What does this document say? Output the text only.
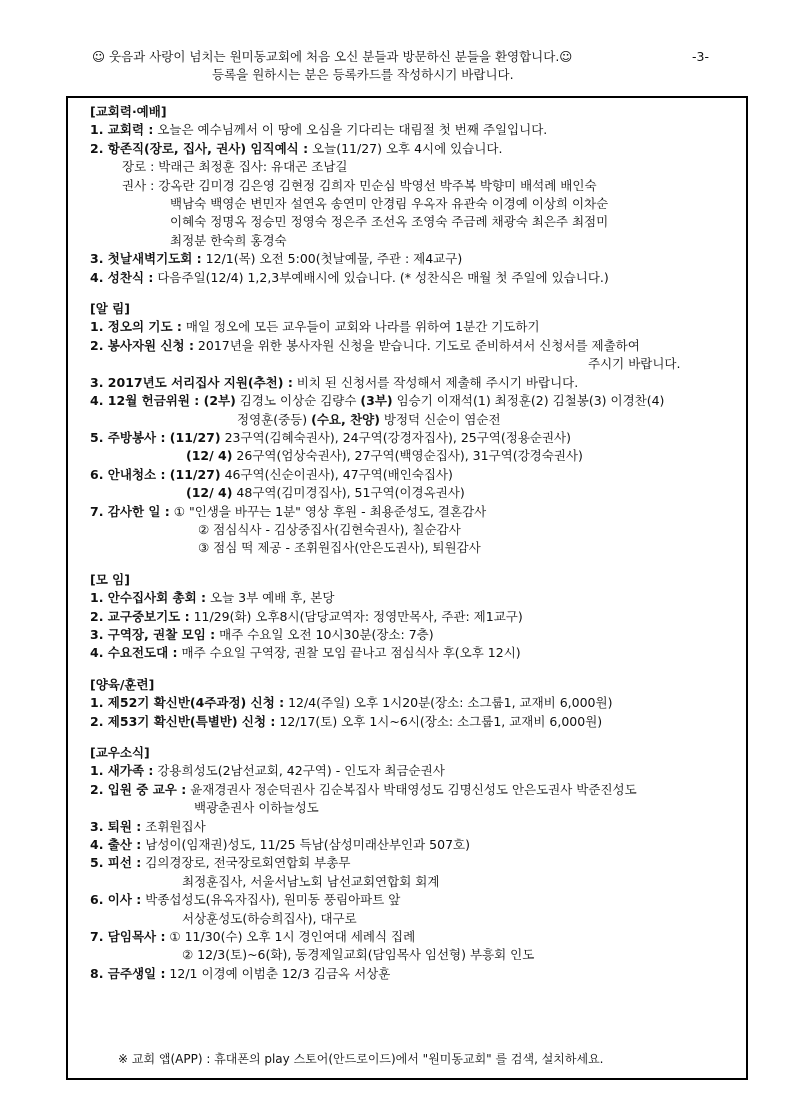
☺ 웃음과 사랑이 넘치는 원미동교회에 처음 오신 분들과 방문하신 분들을 환영합니다.☺	-3-
등록을 원하시는 분은 등록카드를 작성하시기 바랍니다.
[교회력·예배]
1. 교회력 : 오늘은 예수님께서 이 땅에 오심을 기다리는 대림절 첫 번째 주일입니다.
2. 항존직(장로, 집사, 권사) 임직예식 : 오늘(11/27) 오후 4시에 있습니다.
장로 : 박래근 최정훈 집사: 유대곤 조남길
권사 : 강옥란 김미경 김은영 김현정 김희자 민순심 박영선 박주복 박향미 배석례 배인숙
백남숙 백영순 변민자 설연옥 송연미 안경림 우옥자 유관숙 이경예 이상희 이차순
이혜숙 정명옥 정승민 정영숙 정은주 조선옥 조영숙 주금례 채광숙 최은주 최점미
최정분 한숙희 홍경숙
3. 첫날새벽기도회 : 12/1(목) 오전 5:00(첫날예물, 주관 : 제4교구)
4. 성찬식 : 다음주일(12/4) 1,2,3부예배시에 있습니다. (* 성찬식은 매월 첫 주일에 있습니다.)
[알 림]
1. 정오의 기도 : 매일 정오에 모든 교우들이 교회와 나라를 위하여 1분간 기도하기
2. 봉사자원 신청 : 2017년을 위한 봉사자원 신청을 받습니다. 기도로 준비하셔서 신청서를 제출하여
주시기 바랍니다.
3. 2017년도 서리집사 지원(추천) : 비치 된 신청서를 작성해서 제출해 주시기 바랍니다.
4. 12월 헌금위원 : (2부) 김경노 이상순 김량수 (3부) 임승기 이재석(1) 최정훈(2) 김철봉(3) 이경찬(4)
정영훈(중등) (수요, 찬양) 방정덕 신순이 염순전
5. 주방봉사 : (11/27) 23구역(김혜숙권사), 24구역(강경자집사), 25구역(정용순권사)
(12/ 4) 26구역(엄상숙권사), 27구역(백영순집사), 31구역(강경숙권사)
6. 안내청소 : (11/27) 46구역(신순이권사), 47구역(배인숙집사)
(12/ 4) 48구역(김미경집사), 51구역(이경옥권사)
7. 감사한 일 : ① "인생을 바꾸는 1분" 영상 후원 - 최용준성도, 결혼감사
② 점심식사 - 김상중집사(김현숙권사), 칠순감사
③ 점심 떡 제공 - 조휘원집사(안은도권사), 퇴원감사
[모 임]
1. 안수집사회 총회 : 오늘 3부 예배 후, 본당
2. 교구중보기도 : 11/29(화) 오후8시(담당교역자: 정영만목사, 주관: 제1교구)
3. 구역장, 권찰 모임 : 매주 수요일 오전 10시30분(장소: 7층)
4. 수요전도대 : 매주 수요일 구역장, 권찰 모임 끝나고 점심식사 후(오후 12시)
[양육/훈련]
1. 제52기 확신반(4주과정) 신청 : 12/4(주일) 오후 1시20분(장소: 소그룹1, 교재비 6,000원)
2. 제53기 확신반(특별반) 신청 : 12/17(토) 오후 1시~6시(장소: 소그룹1, 교재비 6,000원)
[교우소식]
1. 새가족 : 강용희성도(2남선교회, 42구역) - 인도자 최금순권사
2. 입원 중 교우 : 윤재경권사 정순덕권사 김순복집사 박태영성도 김명신성도 안은도권사 박준진성도
백광춘권사 이하늘성도
3. 퇴원 : 조휘원집사
4. 출산 : 남성이(임재권)성도, 11/25 득남(삼성미래산부인과 507호)
5. 피선 : 김의경장로, 전국장로회연합회 부총무
최정훈집사, 서울서남노회 남선교회연합회 회계
6. 이사 : 박종섭성도(유옥자집사), 원미동 풍림아파트 앞
서상훈성도(하승희집사), 대구로
7. 담임목사 : ① 11/30(수) 오후 1시 경인여대 세례식 집례
② 12/3(토)~6(화), 동경제일교회(담임목사 임선형) 부흥회 인도
8. 금주생일 : 12/1 이경예 이범춘 12/3 김금옥 서상훈
※ 교회 앱(APP) : 휴대폰의 play 스토어(안드로이드)에서 "원미동교회" 를 검색, 설치하세요.
